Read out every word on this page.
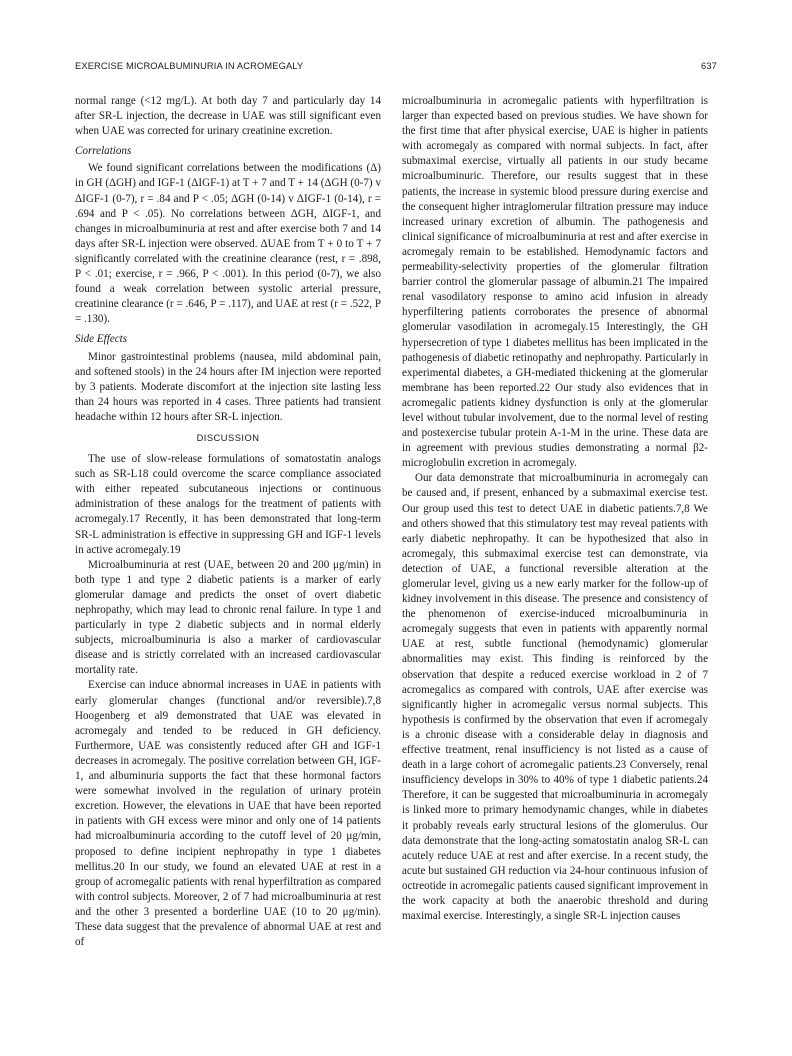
EXERCISE MICROALBUMINURIA IN ACROMEGALY	637

normal range (<12 mg/L). At both day 7 and particularly day 14 after SR-L injection, the decrease in UAE was still significant even when UAE was corrected for urinary creatinine excretion.

Correlations

We found significant correlations between the modifications (Δ) in GH (ΔGH) and IGF-1 (ΔIGF-1) at T + 7 and T + 14 (ΔGH (0-7) v ΔIGF-1 (0-7), r = .84 and P < .05; ΔGH (0-14) v ΔIGF-1 (0-14), r = .694 and P < .05). No correlations between ΔGH, ΔIGF-1, and changes in microalbuminuria at rest and after exercise both 7 and 14 days after SR-L injection were observed. ΔUAE from T + 0 to T + 7 significantly correlated with the creatinine clearance (rest, r = .898, P < .01; exercise, r = .966, P < .001). In this period (0-7), we also found a weak correlation between systolic arterial pressure, creatinine clearance (r = .646, P = .117), and UAE at rest (r = .522, P = .130).

Side Effects

Minor gastrointestinal problems (nausea, mild abdominal pain, and softened stools) in the 24 hours after IM injection were reported by 3 patients. Moderate discomfort at the injection site lasting less than 24 hours was reported in 4 cases. Three patients had transient headache within 12 hours after SR-L injection.

DISCUSSION

The use of slow-release formulations of somatostatin analogs such as SR-L18 could overcome the scarce compliance associated with either repeated subcutaneous injections or continuous administration of these analogs for the treatment of patients with acromegaly.17 Recently, it has been demonstrated that long-term SR-L administration is effective in suppressing GH and IGF-1 levels in active acromegaly.19

Microalbuminuria at rest (UAE, between 20 and 200 μg/min) in both type 1 and type 2 diabetic patients is a marker of early glomerular damage and predicts the onset of overt diabetic nephropathy, which may lead to chronic renal failure. In type 1 and particularly in type 2 diabetic subjects and in normal elderly subjects, microalbuminuria is also a marker of cardiovascular disease and is strictly correlated with an increased cardiovascular mortality rate.

Exercise can induce abnormal increases in UAE in patients with early glomerular changes (functional and/or reversible).7,8 Hoogenberg et al9 demonstrated that UAE was elevated in acromegaly and tended to be reduced in GH deficiency. Furthermore, UAE was consistently reduced after GH and IGF-1 decreases in acromegaly. The positive correlation between GH, IGF-1, and albuminuria supports the fact that these hormonal factors were somewhat involved in the regulation of urinary protein excretion. However, the elevations in UAE that have been reported in patients with GH excess were minor and only one of 14 patients had microalbuminuria according to the cutoff level of 20 μg/min, proposed to define incipient nephropathy in type 1 diabetes mellitus.20 In our study, we found an elevated UAE at rest in a group of acromegalic patients with renal hyperfiltration as compared with control subjects. Moreover, 2 of 7 had microalbuminuria at rest and the other 3 presented a borderline UAE (10 to 20 μg/min). These data suggest that the prevalence of abnormal UAE at rest and of

microalbuminuria in acromegalic patients with hyperfiltration is larger than expected based on previous studies. We have shown for the first time that after physical exercise, UAE is higher in patients with acromegaly as compared with normal subjects. In fact, after submaximal exercise, virtually all patients in our study became microalbuminuric. Therefore, our results suggest that in these patients, the increase in systemic blood pressure during exercise and the consequent higher intraglomerular filtration pressure may induce increased urinary excretion of albumin. The pathogenesis and clinical significance of microalbuminuria at rest and after exercise in acromegaly remain to be established. Hemodynamic factors and permeability-selectivity properties of the glomerular filtration barrier control the glomerular passage of albumin.21 The impaired renal vasodilatory response to amino acid infusion in already hyperfiltering patients corroborates the presence of abnormal glomerular vasodilation in acromegaly.15 Interestingly, the GH hypersecretion of type 1 diabetes mellitus has been implicated in the pathogenesis of diabetic retinopathy and nephropathy. Particularly in experimental diabetes, a GH-mediated thickening at the glomerular membrane has been reported.22 Our study also evidences that in acromegalic patients kidney dysfunction is only at the glomerular level without tubular involvement, due to the normal level of resting and postexercise tubular protein A-1-M in the urine. These data are in agreement with previous studies demonstrating a normal β2-microglobulin excretion in acromegaly.

Our data demonstrate that microalbuminuria in acromegaly can be caused and, if present, enhanced by a submaximal exercise test. Our group used this test to detect UAE in diabetic patients.7,8 We and others showed that this stimulatory test may reveal patients with early diabetic nephropathy. It can be hypothesized that also in acromegaly, this submaximal exercise test can demonstrate, via detection of UAE, a functional reversible alteration at the glomerular level, giving us a new early marker for the follow-up of kidney involvement in this disease. The presence and consistency of the phenomenon of exercise-induced microalbuminuria in acromegaly suggests that even in patients with apparently normal UAE at rest, subtle functional (hemodynamic) glomerular abnormalities may exist. This finding is reinforced by the observation that despite a reduced exercise workload in 2 of 7 acromegalics as compared with controls, UAE after exercise was significantly higher in acromegalic versus normal subjects. This hypothesis is confirmed by the observation that even if acromegaly is a chronic disease with a considerable delay in diagnosis and effective treatment, renal insufficiency is not listed as a cause of death in a large cohort of acromegalic patients.23 Conversely, renal insufficiency develops in 30% to 40% of type 1 diabetic patients.24 Therefore, it can be suggested that microalbuminuria in acromegaly is linked more to primary hemodynamic changes, while in diabetes it probably reveals early structural lesions of the glomerulus. Our data demonstrate that the long-acting somatostatin analog SR-L can acutely reduce UAE at rest and after exercise. In a recent study, the acute but sustained GH reduction via 24-hour continuous infusion of octreotide in acromegalic patients caused significant improvement in the work capacity at both the anaerobic threshold and during maximal exercise. Interestingly, a single SR-L injection causes
